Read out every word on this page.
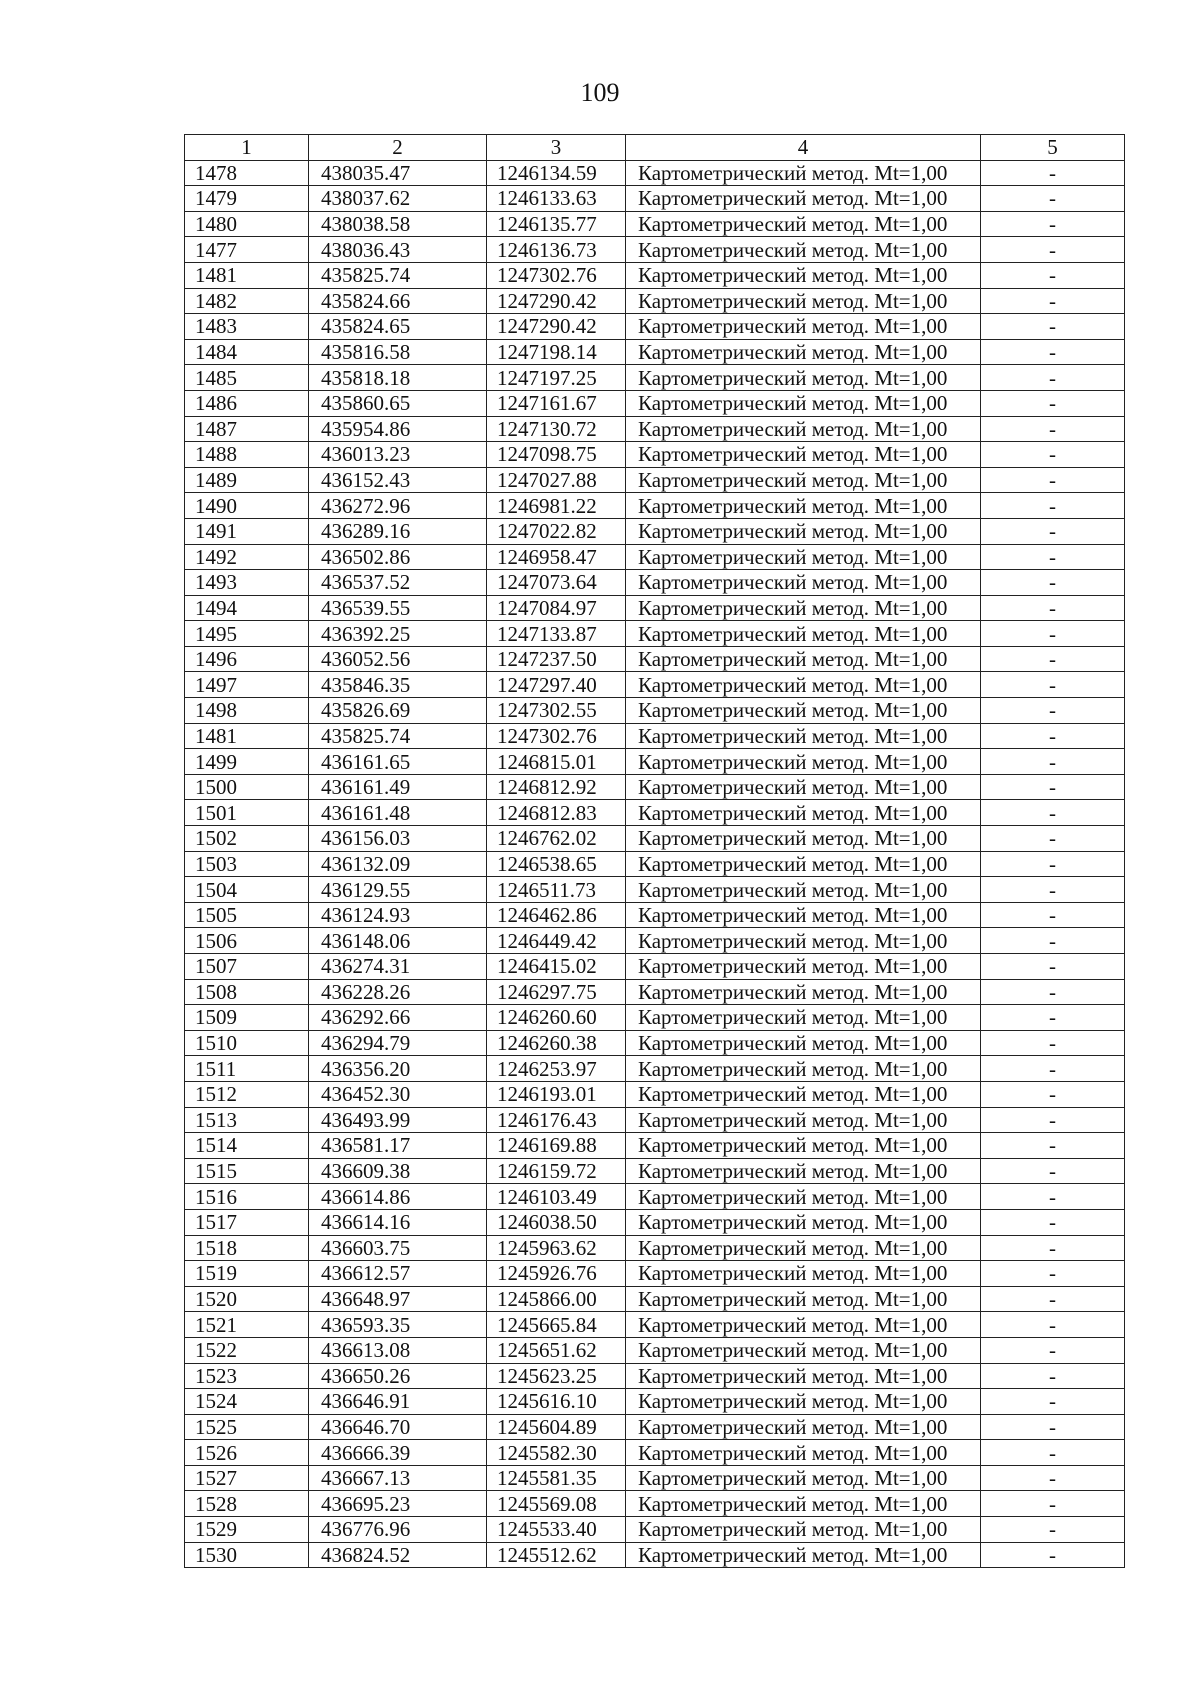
109
1	2	3	4	5
1478	438035.47	1246134.59	Картометрический метод. Mt=1,00	-
1479	438037.62	1246133.63	Картометрический метод. Mt=1,00	-
1480	438038.58	1246135.77	Картометрический метод. Mt=1,00	-
1477	438036.43	1246136.73	Картометрический метод. Mt=1,00	-
1481	435825.74	1247302.76	Картометрический метод. Mt=1,00	-
1482	435824.66	1247290.42	Картометрический метод. Mt=1,00	-
1483	435824.65	1247290.42	Картометрический метод. Mt=1,00	-
1484	435816.58	1247198.14	Картометрический метод. Mt=1,00	-
1485	435818.18	1247197.25	Картометрический метод. Mt=1,00	-
1486	435860.65	1247161.67	Картометрический метод. Mt=1,00	-
1487	435954.86	1247130.72	Картометрический метод. Mt=1,00	-
1488	436013.23	1247098.75	Картометрический метод. Mt=1,00	-
1489	436152.43	1247027.88	Картометрический метод. Mt=1,00	-
1490	436272.96	1246981.22	Картометрический метод. Mt=1,00	-
1491	436289.16	1247022.82	Картометрический метод. Mt=1,00	-
1492	436502.86	1246958.47	Картометрический метод. Mt=1,00	-
1493	436537.52	1247073.64	Картометрический метод. Mt=1,00	-
1494	436539.55	1247084.97	Картометрический метод. Mt=1,00	-
1495	436392.25	1247133.87	Картометрический метод. Mt=1,00	-
1496	436052.56	1247237.50	Картометрический метод. Mt=1,00	-
1497	435846.35	1247297.40	Картометрический метод. Mt=1,00	-
1498	435826.69	1247302.55	Картометрический метод. Mt=1,00	-
1481	435825.74	1247302.76	Картометрический метод. Mt=1,00	-
1499	436161.65	1246815.01	Картометрический метод. Mt=1,00	-
1500	436161.49	1246812.92	Картометрический метод. Mt=1,00	-
1501	436161.48	1246812.83	Картометрический метод. Mt=1,00	-
1502	436156.03	1246762.02	Картометрический метод. Mt=1,00	-
1503	436132.09	1246538.65	Картометрический метод. Mt=1,00	-
1504	436129.55	1246511.73	Картометрический метод. Mt=1,00	-
1505	436124.93	1246462.86	Картометрический метод. Mt=1,00	-
1506	436148.06	1246449.42	Картометрический метод. Mt=1,00	-
1507	436274.31	1246415.02	Картометрический метод. Mt=1,00	-
1508	436228.26	1246297.75	Картометрический метод. Mt=1,00	-
1509	436292.66	1246260.60	Картометрический метод. Mt=1,00	-
1510	436294.79	1246260.38	Картометрический метод. Mt=1,00	-
1511	436356.20	1246253.97	Картометрический метод. Mt=1,00	-
1512	436452.30	1246193.01	Картометрический метод. Mt=1,00	-
1513	436493.99	1246176.43	Картометрический метод. Mt=1,00	-
1514	436581.17	1246169.88	Картометрический метод. Mt=1,00	-
1515	436609.38	1246159.72	Картометрический метод. Mt=1,00	-
1516	436614.86	1246103.49	Картометрический метод. Mt=1,00	-
1517	436614.16	1246038.50	Картометрический метод. Mt=1,00	-
1518	436603.75	1245963.62	Картометрический метод. Mt=1,00	-
1519	436612.57	1245926.76	Картометрический метод. Mt=1,00	-
1520	436648.97	1245866.00	Картометрический метод. Mt=1,00	-
1521	436593.35	1245665.84	Картометрический метод. Mt=1,00	-
1522	436613.08	1245651.62	Картометрический метод. Mt=1,00	-
1523	436650.26	1245623.25	Картометрический метод. Mt=1,00	-
1524	436646.91	1245616.10	Картометрический метод. Mt=1,00	-
1525	436646.70	1245604.89	Картометрический метод. Mt=1,00	-
1526	436666.39	1245582.30	Картометрический метод. Mt=1,00	-
1527	436667.13	1245581.35	Картометрический метод. Mt=1,00	-
1528	436695.23	1245569.08	Картометрический метод. Mt=1,00	-
1529	436776.96	1245533.40	Картометрический метод. Mt=1,00	-
1530	436824.52	1245512.62	Картометрический метод. Mt=1,00	-
